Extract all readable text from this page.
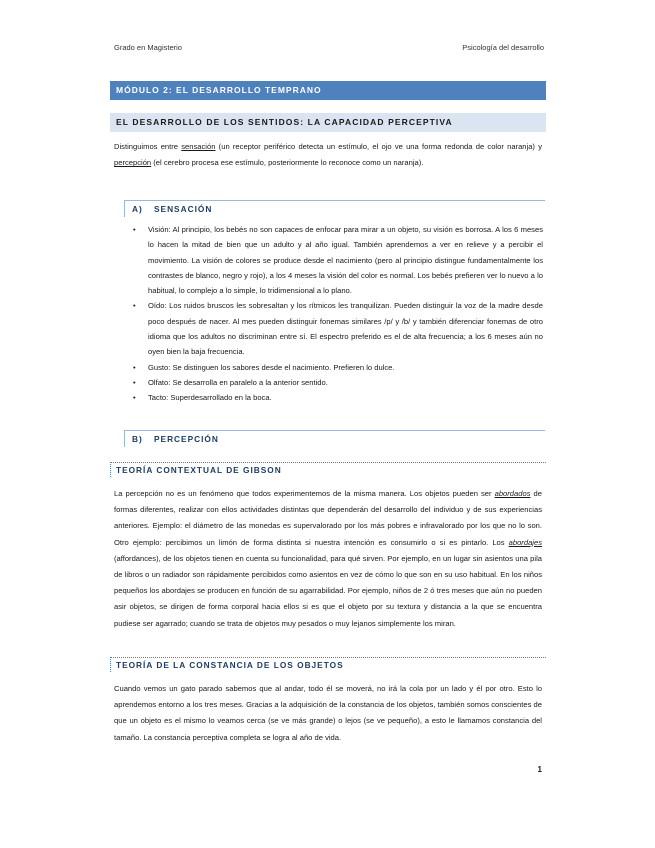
Grado en Magisterio	Psicología del desarrollo
MÓDULO 2: EL DESARROLLO TEMPRANO
EL DESARROLLO DE LOS SENTIDOS: LA CAPACIDAD PERCEPTIVA

Distinguimos entre sensación (un receptor periférico detecta un estímulo, el ojo ve una forma redonda de color naranja) y percepción (el cerebro procesa ese estímulo, posteriormente lo reconoce como un naranja).

A) SENSACIÓN
• Visión: Al principio, los bebés no son capaces de enfocar para mirar a un objeto, su visión es borrosa. A los 6 meses lo hacen la mitad de bien que un adulto y al año igual. También aprendemos a ver en relieve y a percibir el movimiento. La visión de colores se produce desde el nacimiento (pero al principio distingue fundamentalmente los contrastes de blanco, negro y rojo), a los 4 meses la visión del color es normal. Los bebés prefieren ver lo nuevo a lo habitual, lo complejo a lo simple, lo tridimensional a lo plano.
• Oído: Los ruidos bruscos les sobresaltan y los rítmicos les tranquilizan. Pueden distinguir la voz de la madre desde poco después de nacer. Al mes pueden distinguir fonemas similares /p/ y /b/ y también diferenciar fonemas de otro idioma que los adultos no discriminan entre sí. El espectro preferido es el de alta frecuencia; a los 6 meses aún no oyen bien la baja frecuencia.
• Gusto: Se distinguen los sabores desde el nacimiento. Prefieren lo dulce.
• Olfato: Se desarrolla en paralelo a la anterior sentido.
• Tacto: Superdesarrollado en la boca.
B) PERCEPCIÓN
TEORÍA CONTEXTUAL DE GIBSON

La percepción no es un fenómeno que todos experimentemos de la misma manera. Los objetos pueden ser abordados de formas diferentes, realizar con ellos actividades distintas que dependerán del desarrollo del individuo y de sus experiencias anteriores. Ejemplo: el diámetro de las monedas es supervalorado por los más pobres e infravalorado por los que no lo son. Otro ejemplo: percibimos un limón de forma distinta si nuestra intención es consumirlo o si es pintarlo. Los abordajes (affordances), de los objetos tienen en cuenta su funcionalidad, para qué sirven. Por ejemplo, en un lugar sin asientos una pila de libros o un radiador son rápidamente percibidos como asientos en vez de cómo lo que son en su uso habitual. En los niños pequeños los abordajes se producen en función de su agarrabilidad. Por ejemplo, niños de 2 ó tres meses que aún no pueden asir objetos, se dirigen de forma corporal hacia ellos si es que el objeto por su textura y distancia a la que se encuentra pudiese ser agarrado; cuando se trata de objetos muy pesados o muy lejanos simplemente los miran.

TEORÍA DE LA CONSTANCIA DE LOS OBJETOS

Cuando vemos un gato parado sabemos que al andar, todo él se moverá, no irá la cola por un lado y él por otro. Esto lo aprendemos entorno a los tres meses. Gracias a la adquisición de la constancia de los objetos, también somos conscientes de que un objeto es el mismo lo veamos cerca (se ve más grande) o lejos (se ve pequeño), a esto le llamamos constancia del tamaño. La constancia perceptiva completa se logra al año de vida.

1
